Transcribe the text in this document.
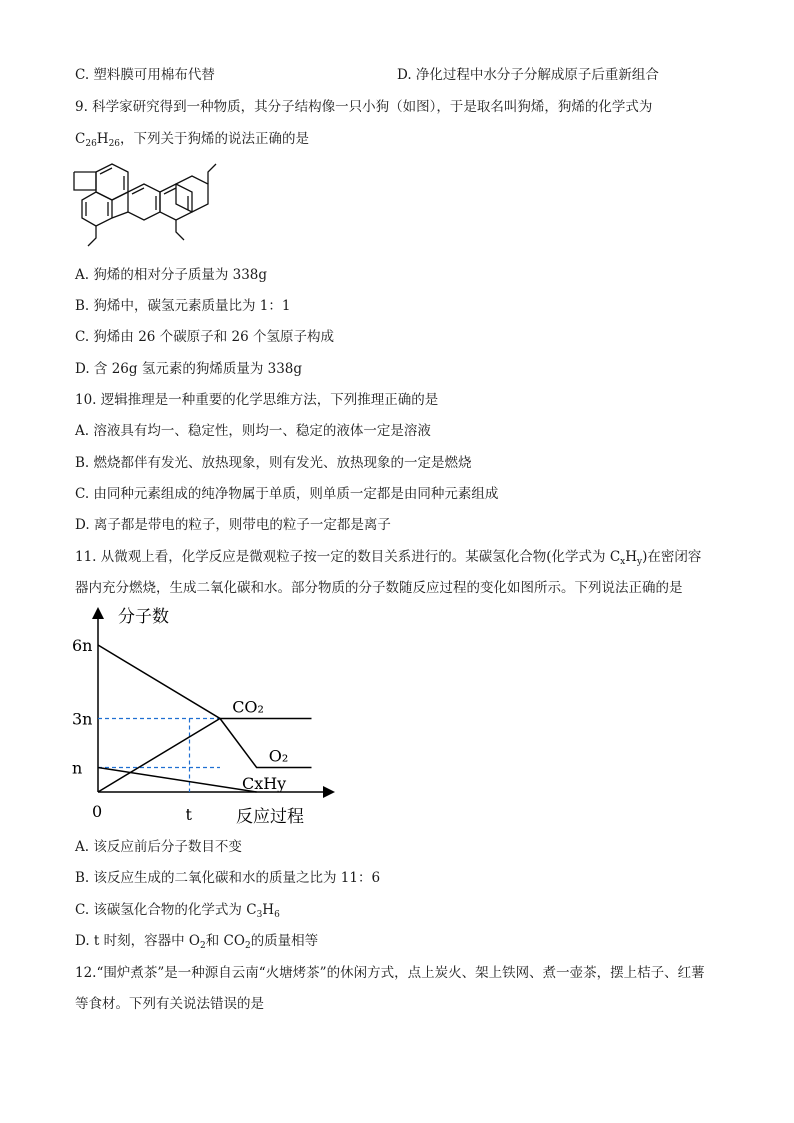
C. 塑料膜可用棉布代替	D. 净化过程中水分子分解成原子后重新组合
9. 科学家研究得到一种物质，其分子结构像一只小狗（如图），于是取名叫狗烯，狗烯的化学式为
$C_{26}H_{26}$，下列关于狗烯的说法正确的是
A. 狗烯的相对分子质量为 338g
B. 狗烯中，碳氢元素质量比为 1：1
C. 狗烯由 26 个碳原子和 26 个氢原子构成
D. 含 26g 氢元素的狗烯质量为 338g
10. 逻辑推理是一种重要的化学思维方法，下列推理正确的是
A. 溶液具有均一、稳定性，则均一、稳定的液体一定是溶液
B. 燃烧都伴有发光、放热现象，则有发光、放热现象的一定是燃烧
C. 由同种元素组成的纯净物属于单质，则单质一定都是由同种元素组成
D. 离子都是带电的粒子，则带电的粒子一定都是离子
11. 从微观上看，化学反应是微观粒子按一定的数目关系进行的。某碳氢化合物(化学式为 $C_xH_y$)在密闭容
器内充分燃烧，生成二氧化碳和水。部分物质的分子数随反应过程的变化如图所示。下列说法正确的是
分子数
反应过程
0
6n
3n
n
t
CO₂
O₂
CxHy
A. 该反应前后分子数目不变
B. 该反应生成的二氧化碳和水的质量之比为 11：6
C. 该碳氢化合物的化学式为 $C_3H_6$
D. t 时刻，容器中 $O_2$和 $CO_2$的质量相等
12.“围炉煮茶”是一种源自云南“火塘烤茶”的休闲方式，点上炭火、架上铁网、煮一壶茶，摆上桔子、红薯
等食材。下列有关说法错误的是
